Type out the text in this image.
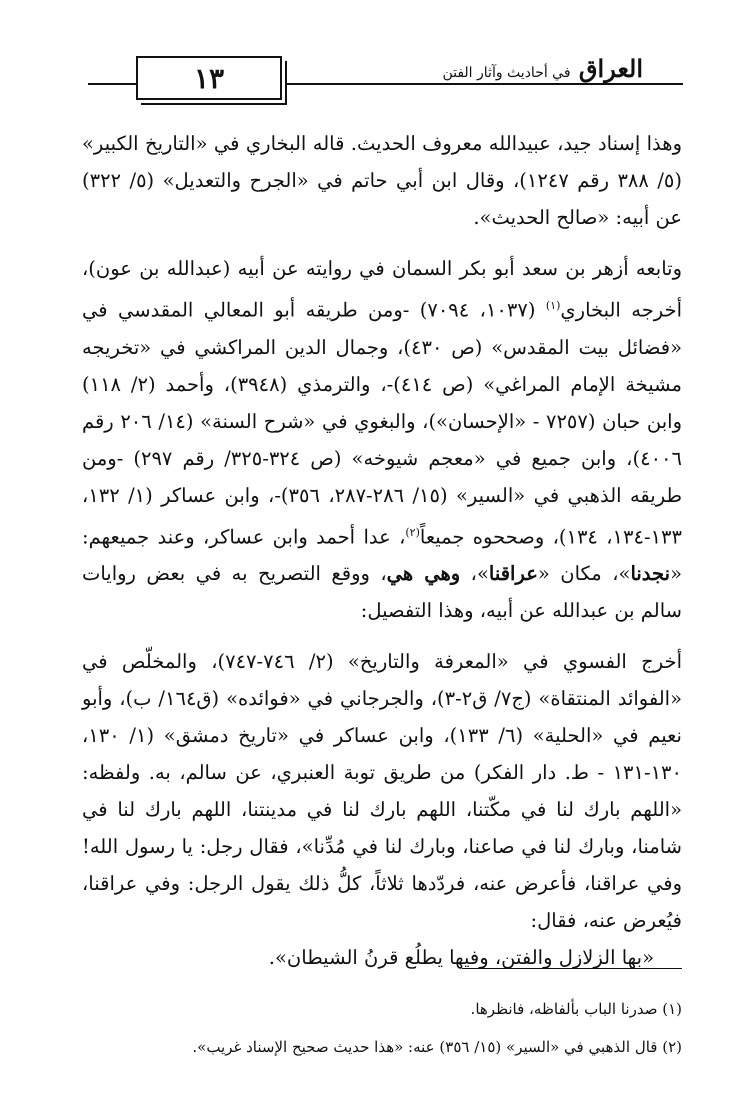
١٣	العراق في أحاديث وآثار الفتن

وهذا إسناد جيد، عبيدالله معروف الحديث. قاله البخاري في «التاريخ الكبير» (٥/ ٣٨٨ رقم ١٢٤٧)، وقال ابن أبي حاتم في «الجرح والتعديل» (٥/ ٣٢٢) عن أبيه: «صالح الحديث».

وتابعه أزهر بن سعد أبو بكر السمان في روايته عن أبيه (عبدالله بن عون)، أخرجه البخاري$^{(١)}$ (١٠٣٧، ٧٠٩٤) -ومن طريقه أبو المعالي المقدسي في «فضائل بيت المقدس» (ص ٤٣٠)، وجمال الدين المراكشي في «تخريجه مشيخة الإمام المراغي» (ص ٤١٤)-، والترمذي (٣٩٤٨)، وأحمد (٢/ ١١٨) وابن حبان (٧٢٥٧ - «الإحسان»)، والبغوي في «شرح السنة» (١٤/ ٢٠٦ رقم ٤٠٠٦)، وابن جميع في «معجم شيوخه» (ص ٣٢٤-٣٢٥/ رقم ٢٩٧) -ومن طريقه الذهبي في «السير» (١٥/ ٢٨٦-٢٨٧، ٣٥٦)-، وابن عساكر (١/ ١٣٢، ١٣٣-١٣٤، ١٣٤)، وصححوه جميعاً$^{(٢)}$، عدا أحمد وابن عساكر، وعند جميعهم: «نجدنا»، مكان «عراقنا»، وهي هي، ووقع التصريح به في بعض روايات سالم بن عبدالله عن أبيه، وهذا التفصيل:

أخرج الفسوي في «المعرفة والتاريخ» (٢/ ٧٤٦-٧٤٧)، والمخلّص في «الفوائد المنتقاة» (ج٧/ ق٢-٣)، والجرجاني في «فوائده» (ق١٦٤/ ب)، وأبو نعيم في «الحلية» (٦/ ١٣٣)، وابن عساكر في «تاريخ دمشق» (١/ ١٣٠، ١٣٠-١٣١ - ط. دار الفكر) من طريق توبة العنبري، عن سالم، به. ولفظه: «اللهم بارك لنا في مكّتنا، اللهم بارك لنا في مدينتنا، اللهم بارك لنا في شامنا، وبارك لنا في صاعنا، وبارك لنا في مُدِّنا»، فقال رجل: يا رسول الله! وفي عراقنا، فأعرض عنه، فردّدها ثلاثاً، كلُّ ذلك يقول الرجل: وفي عراقنا، فيُعرض عنه، فقال:

«بها الزلازل والفتن، وفيها يطلُع قرنُ الشيطان».

(١) صدرنا الباب بألفاظه، فانظرها.
(٢) قال الذهبي في «السير» (١٥/ ٣٥٦) عنه: «هذا حديث صحيح الإسناد غريب».
